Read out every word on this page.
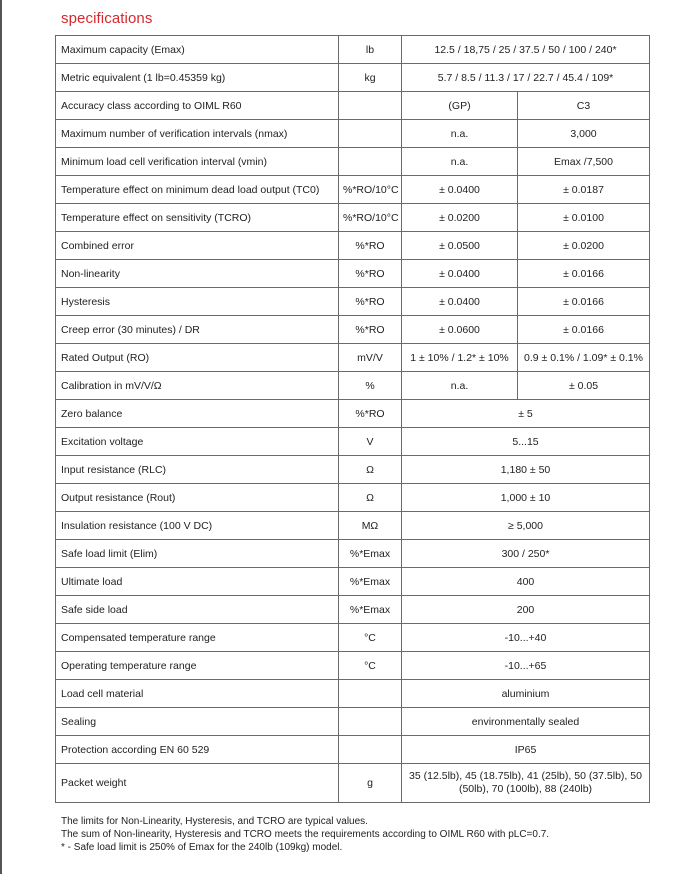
specifications
Maximum capacity (Emax)	lb	12.5 / 18,75 / 25 / 37.5 / 50 / 100 / 240*	
Metric equivalent (1 lb=0.45359 kg)	kg	5.7 / 8.5 / 11.3 / 17 / 22.7 / 45.4 / 109*	
Accuracy class according to OIML R60		(GP)	C3
Maximum number of verification intervals (nmax)		n.a.	3,000
Minimum load cell verification interval (vmin)		n.a.	Emax /7,500
Temperature effect on minimum dead load output (TC0)	%*RO/10°C	± 0.0400	± 0.0187
Temperature effect on sensitivity (TCRO)	%*RO/10°C	± 0.0200	± 0.0100
Combined error	%*RO	± 0.0500	± 0.0200
Non-linearity	%*RO	± 0.0400	± 0.0166
Hysteresis	%*RO	± 0.0400	± 0.0166
Creep error (30 minutes) / DR	%*RO	± 0.0600	± 0.0166
Rated Output (RO)	mV/V	1 ± 10% / 1.2* ± 10%	0.9 ± 0.1% / 1.09* ± 0.1%
Calibration in mV/V/Ω	%	n.a.	± 0.05
Zero balance	%*RO	± 5	
Excitation voltage	V	5...15	
Input resistance (RLC)	Ω	1,180 ± 50	
Output resistance (Rout)	Ω	1,000 ± 10	
Insulation resistance (100 V DC)	MΩ	≥ 5,000	
Safe load limit (Elim)	%*Emax	300 / 250*	
Ultimate load	%*Emax	400	
Safe side load	%*Emax	200	
Compensated temperature range	°C	-10...+40	
Operating temperature range	°C	-10...+65	
Load cell material		aluminium	
Sealing		environmentally sealed	
Protection according EN 60 529		IP65	
Packet weight	g	35 (12.5lb), 45 (18.75lb), 41 (25lb), 50 (37.5lb), 50 (50lb), 70 (100lb), 88 (240lb)	
The limits for Non-Linearity, Hysteresis, and TCRO are typical values.
The sum of Non-linearity, Hysteresis and TCRO meets the requirements according to OIML R60 with pLC=0.7.
* - Safe load limit is 250% of Emax for the 240lb (109kg) model.
